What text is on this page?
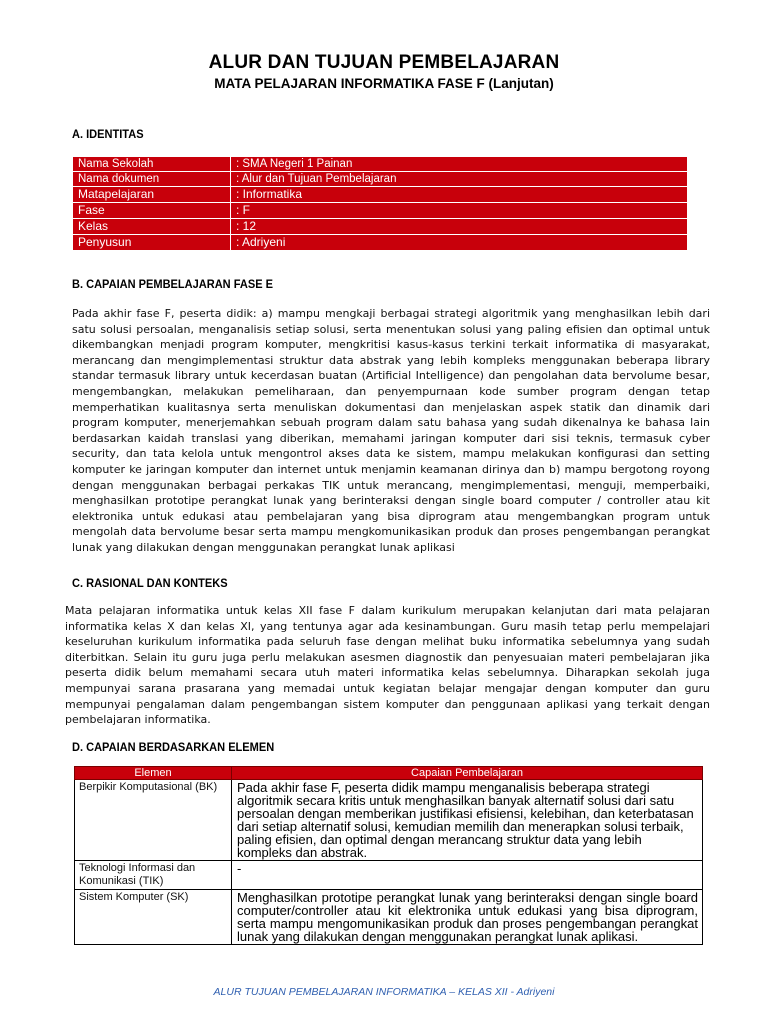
ALUR DAN TUJUAN PEMBELAJARAN
MATA PELAJARAN INFORMATIKA FASE F (Lanjutan)
A. IDENTITAS
Nama Sekolah	: SMA Negeri 1 Painan
Nama dokumen	: Alur dan Tujuan Pembelajaran
Matapelajaran	: Informatika
Fase	: F
Kelas	: 12
Penyusun	: Adriyeni
B. CAPAIAN PEMBELAJARAN FASE E
Pada akhir fase F, peserta didik: a) mampu mengkaji berbagai strategi algoritmik yang menghasilkan lebih dari satu solusi persoalan, menganalisis setiap solusi, serta menentukan solusi yang paling efisien dan optimal untuk dikembangkan menjadi program komputer, mengkritisi kasus-kasus terkini terkait informatika di masyarakat, merancang dan mengimplementasi struktur data abstrak yang lebih kompleks menggunakan beberapa library standar termasuk library untuk kecerdasan buatan (Artificial Intelligence) dan pengolahan data bervolume besar, mengembangkan, melakukan pemeliharaan, dan penyempurnaan kode sumber program dengan tetap memperhatikan kualitasnya serta menuliskan dokumentasi dan menjelaskan aspek statik dan dinamik dari program komputer, menerjemahkan sebuah program dalam satu bahasa yang sudah dikenalnya ke bahasa lain berdasarkan kaidah translasi yang diberikan, memahami jaringan komputer dari sisi teknis, termasuk cyber security, dan tata kelola untuk mengontrol akses data ke sistem, mampu melakukan konfigurasi dan setting komputer ke jaringan komputer dan internet untuk menjamin keamanan dirinya dan b) mampu bergotong royong dengan menggunakan berbagai perkakas TIK untuk merancang, mengimplementasi, menguji, memperbaiki, menghasilkan prototipe perangkat lunak yang berinteraksi dengan single board computer / controller atau kit elektronika untuk edukasi atau pembelajaran yang bisa diprogram atau mengembangkan program untuk mengolah data bervolume besar serta mampu mengkomunikasikan produk dan proses pengembangan perangkat lunak yang dilakukan dengan menggunakan perangkat lunak aplikasi
C. RASIONAL DAN KONTEKS
Mata pelajaran informatika untuk kelas XII fase F dalam kurikulum merupakan kelanjutan dari mata pelajaran informatika kelas X dan kelas XI, yang tentunya agar ada kesinambungan. Guru masih tetap perlu mempelajari keseluruhan kurikulum informatika pada seluruh fase dengan melihat buku informatika sebelumnya yang sudah diterbitkan. Selain itu guru juga perlu melakukan asesmen diagnostik dan penyesuaian materi pembelajaran jika peserta didik belum memahami secara utuh materi informatika kelas sebelumnya. Diharapkan sekolah juga mempunyai sarana prasarana yang memadai untuk kegiatan belajar mengajar dengan komputer dan guru mempunyai pengalaman dalam pengembangan sistem komputer dan penggunaan aplikasi yang terkait dengan pembelajaran informatika.
D. CAPAIAN BERDASARKAN ELEMEN
Elemen	Capaian Pembelajaran
Berpikir Komputasional (BK)	Pada akhir fase F, peserta didik mampu menganalisis beberapa strategi algoritmik secara kritis untuk menghasilkan banyak alternatif solusi dari satu persoalan dengan memberikan justifikasi efisiensi, kelebihan, dan keterbatasan dari setiap alternatif solusi, kemudian memilih dan menerapkan solusi terbaik, paling efisien, dan optimal dengan merancang struktur data yang lebih kompleks dan abstrak.
Teknologi Informasi dan Komunikasi (TIK)	-
Sistem Komputer (SK)	Menghasilkan prototipe perangkat lunak yang berinteraksi dengan single board computer/controller atau kit elektronika untuk edukasi yang bisa diprogram, serta mampu mengomunikasikan produk dan proses pengembangan perangkat lunak yang dilakukan dengan menggunakan perangkat lunak aplikasi.
ALUR TUJUAN PEMBELAJARAN INFORMATIKA – KELAS XII - Adriyeni
